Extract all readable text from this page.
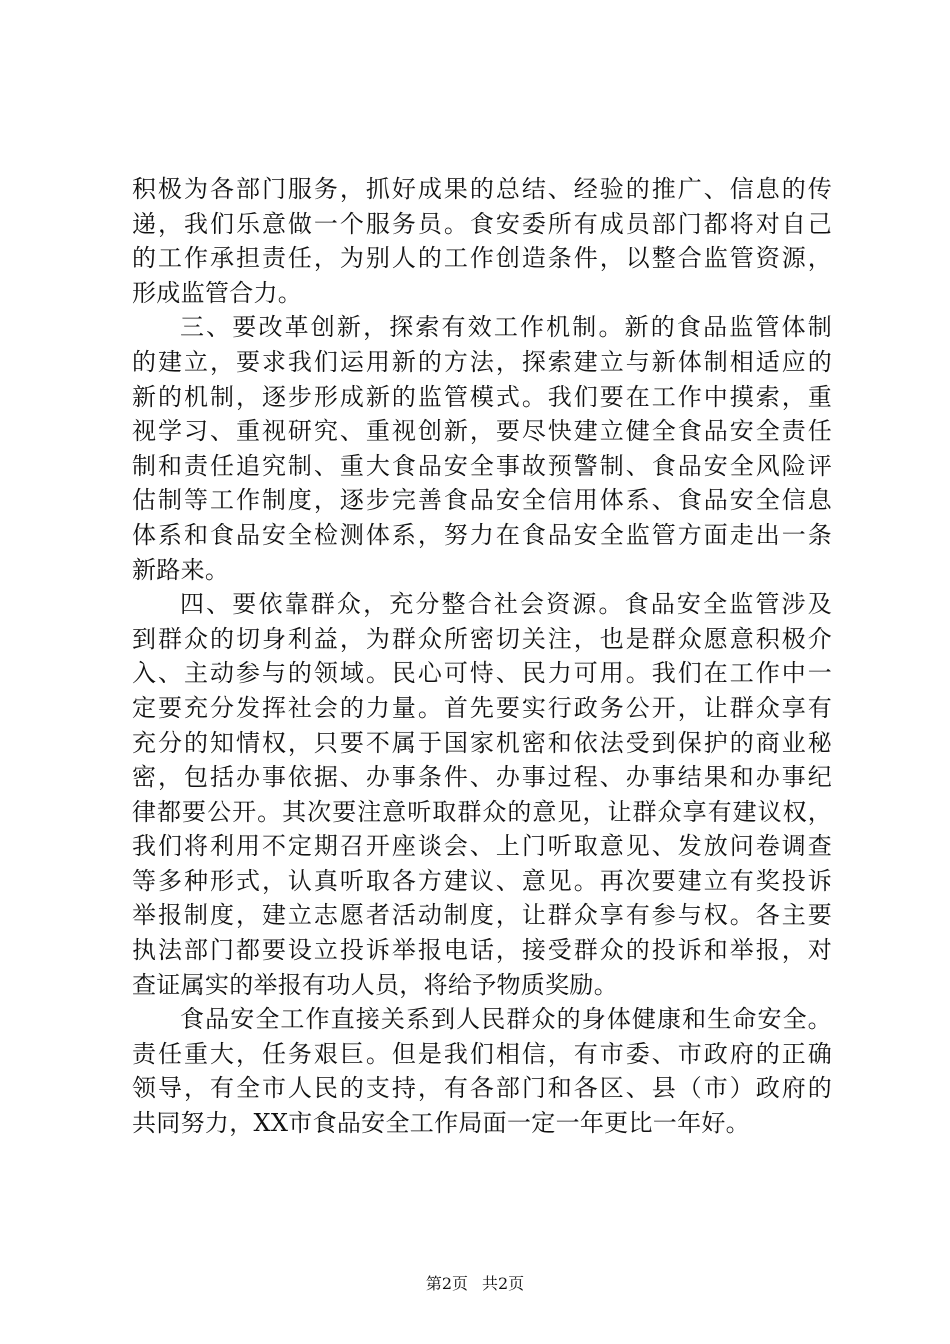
积极为各部门服务，抓好成果的总结、经验的推广、信息的传
递，我们乐意做一个服务员。食安委所有成员部门都将对自己
的工作承担责任，为别人的工作创造条件，以整合监管资源，
形成监管合力。
三、要改革创新，探索有效工作机制。新的食品监管体制
的建立，要求我们运用新的方法，探索建立与新体制相适应的
新的机制，逐步形成新的监管模式。我们要在工作中摸索，重
视学习、重视研究、重视创新，要尽快建立健全食品安全责任
制和责任追究制、重大食品安全事故预警制、食品安全风险评
估制等工作制度，逐步完善食品安全信用体系、食品安全信息
体系和食品安全检测体系，努力在食品安全监管方面走出一条
新路来。
四、要依靠群众，充分整合社会资源。食品安全监管涉及
到群众的切身利益，为群众所密切关注，也是群众愿意积极介
入、主动参与的领域。民心可恃、民力可用。我们在工作中一
定要充分发挥社会的力量。首先要实行政务公开，让群众享有
充分的知情权，只要不属于国家机密和依法受到保护的商业秘
密，包括办事依据、办事条件、办事过程、办事结果和办事纪
律都要公开。其次要注意听取群众的意见，让群众享有建议权，
我们将利用不定期召开座谈会、上门听取意见、发放问卷调查
等多种形式，认真听取各方建议、意见。再次要建立有奖投诉
举报制度，建立志愿者活动制度，让群众享有参与权。各主要
执法部门都要设立投诉举报电话，接受群众的投诉和举报，对
查证属实的举报有功人员，将给予物质奖励。
食品安全工作直接关系到人民群众的身体健康和生命安全。
责任重大，任务艰巨。但是我们相信，有市委、市政府的正确
领导，有全市人民的支持，有各部门和各区、县（市）政府的
共同努力，XX市食品安全工作局面一定一年更比一年好。
第2页 共2页
